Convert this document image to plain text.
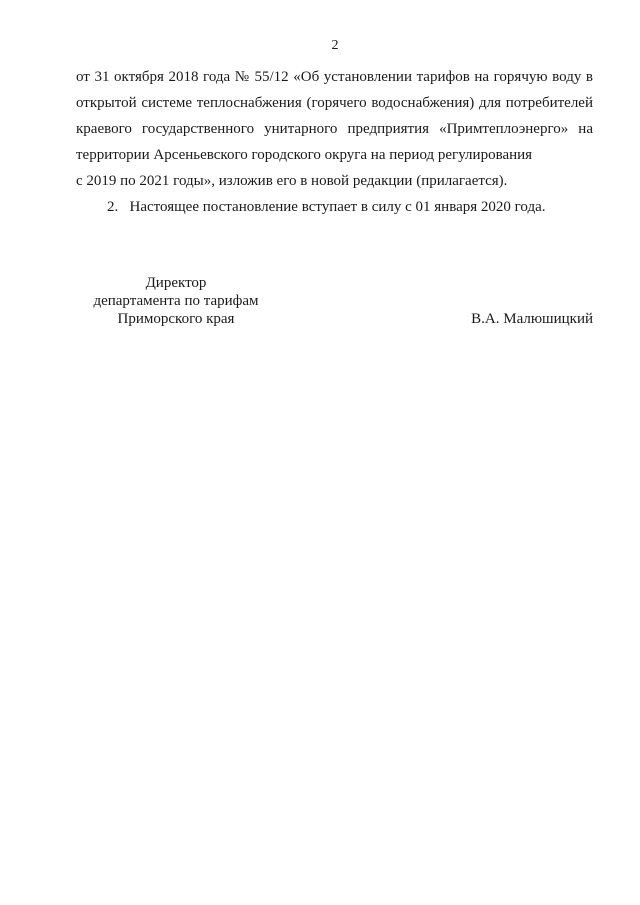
2

от 31 октября 2018 года № 55/12 «Об установлении тарифов на горячую воду в открытой системе теплоснабжения (горячего водоснабжения) для потребителей краевого государственного унитарного предприятия «Примтеплоэнерго» на территории Арсеньевского городского округа на период регулирования
с 2019 по 2021 годы», изложив его в новой редакции (прилагается).

2. Настоящее постановление вступает в силу с 01 января 2020 года.

Директор
департамента по тарифам
Приморского края	В.А. Малюшицкий
